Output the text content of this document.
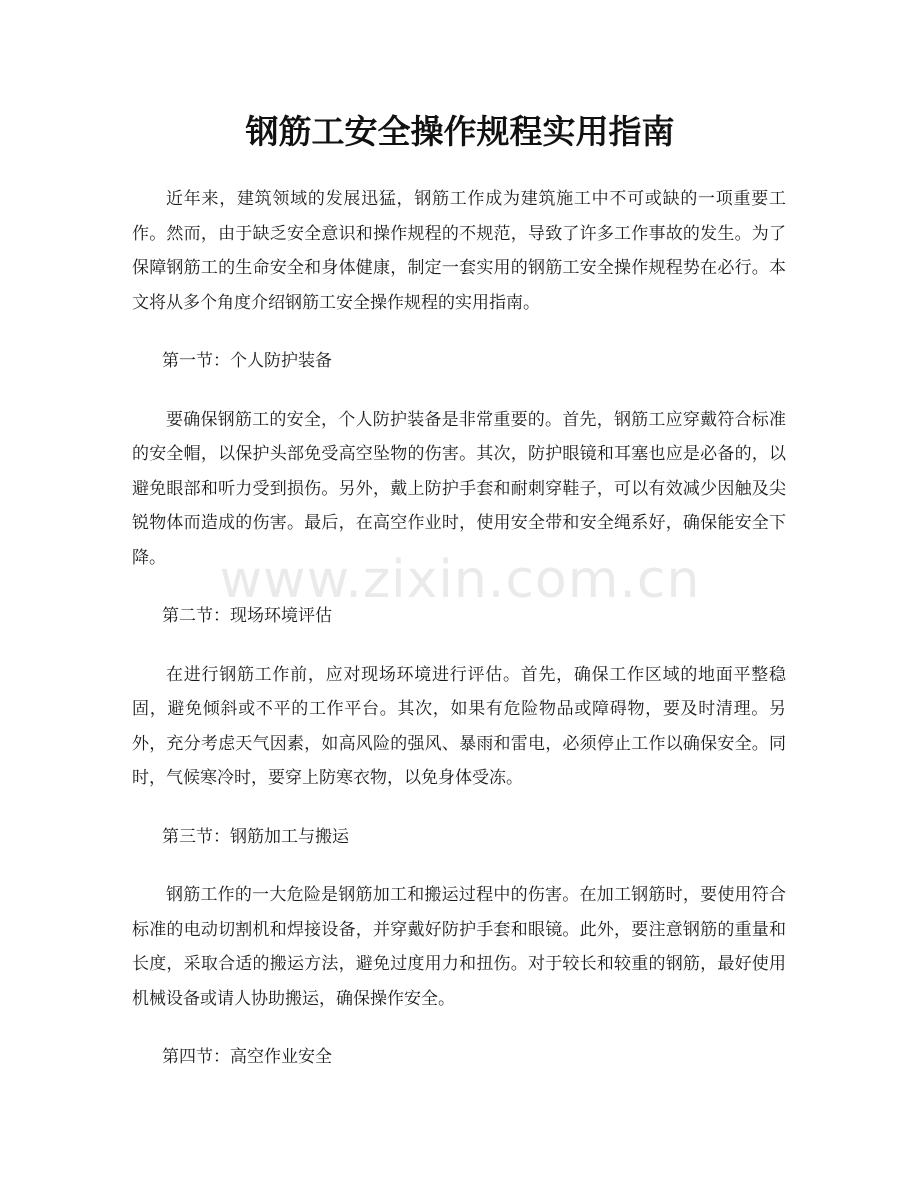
钢筋工安全操作规程实用指南

近年来，建筑领域的发展迅猛，钢筋工作成为建筑施工中不可或缺的一项重要工作。然而，由于缺乏安全意识和操作规程的不规范，导致了许多工作事故的发生。为了保障钢筋工的生命安全和身体健康，制定一套实用的钢筋工安全操作规程势在必行。本文将从多个角度介绍钢筋工安全操作规程的实用指南。

第一节：个人防护装备

要确保钢筋工的安全，个人防护装备是非常重要的。首先，钢筋工应穿戴符合标准的安全帽，以保护头部免受高空坠物的伤害。其次，防护眼镜和耳塞也应是必备的，以避免眼部和听力受到损伤。另外，戴上防护手套和耐刺穿鞋子，可以有效减少因触及尖锐物体而造成的伤害。最后，在高空作业时，使用安全带和安全绳系好，确保能安全下降。

第二节：现场环境评估

在进行钢筋工作前，应对现场环境进行评估。首先，确保工作区域的地面平整稳固，避免倾斜或不平的工作平台。其次，如果有危险物品或障碍物，要及时清理。另外，充分考虑天气因素，如高风险的强风、暴雨和雷电，必须停止工作以确保安全。同时，气候寒冷时，要穿上防寒衣物，以免身体受冻。

第三节：钢筋加工与搬运

钢筋工作的一大危险是钢筋加工和搬运过程中的伤害。在加工钢筋时，要使用符合标准的电动切割机和焊接设备，并穿戴好防护手套和眼镜。此外，要注意钢筋的重量和长度，采取合适的搬运方法，避免过度用力和扭伤。对于较长和较重的钢筋，最好使用机械设备或请人协助搬运，确保操作安全。

第四节：高空作业安全

www.zixin.com.cn
